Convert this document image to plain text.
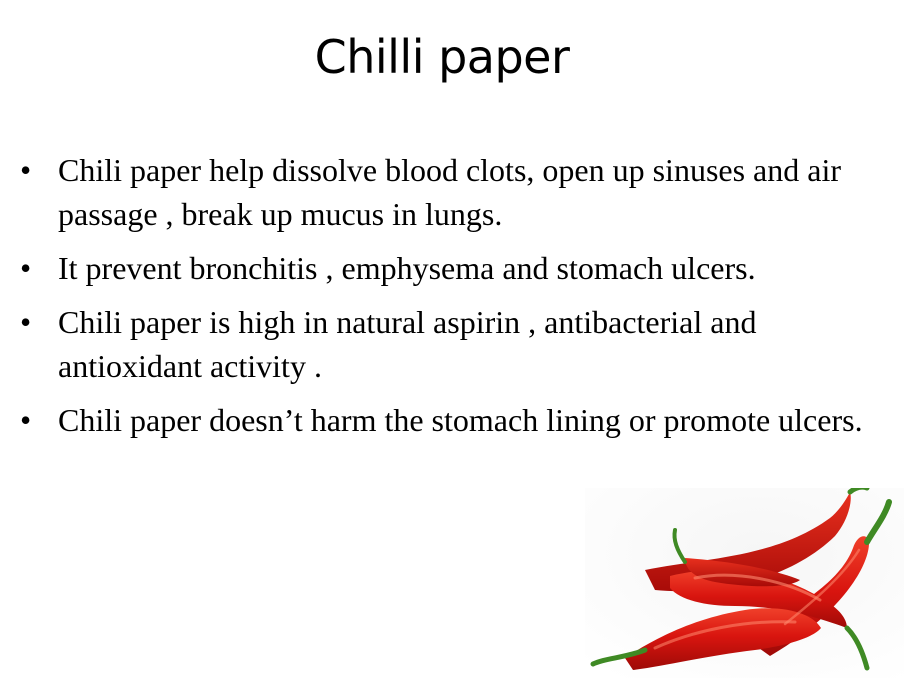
Chilli paper
• Chili paper help dissolve blood clots, open up sinuses and air passage , break up mucus in lungs.
• It prevent bronchitis , emphysema and stomach ulcers.
• Chili paper is high in natural aspirin , antibacterial and antioxidant activity .
• Chili paper doesn’t harm the stomach lining or promote ulcers.
